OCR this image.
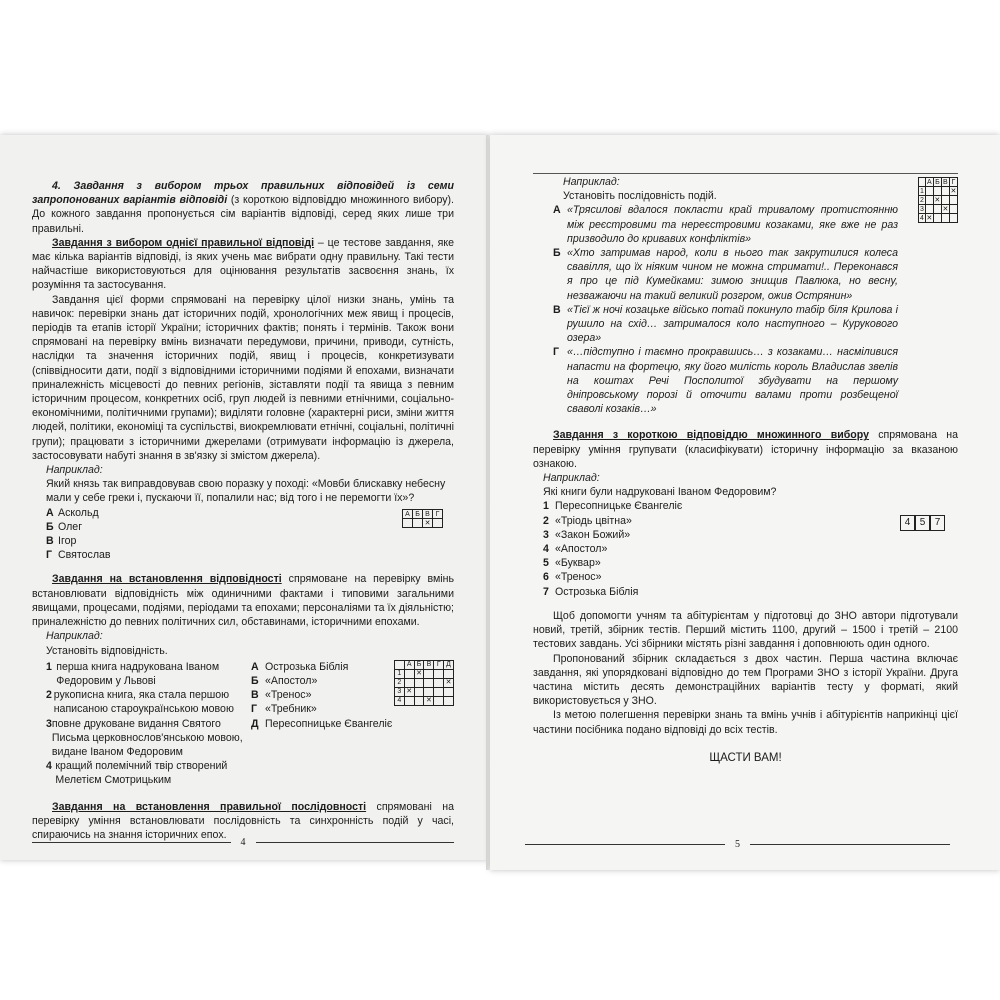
4. Завдання з вибором трьох правильних відповідей із семи запропонованих варіантів відповіді (з короткою відповіддю множинного вибору). До кожного завдання пропонується сім варіантів відповіді, серед яких лише три правильні.

Завдання з вибором однієї правильної відповіді – це тестове завдання, яке має кілька варіантів відповіді, із яких учень має вибрати одну правильну. Такі тести найчастіше використовуються для оцінювання результатів засвоєння знань, їх розуміння та застосування.

Завдання цієї форми спрямовані на перевірку цілої низки знань, умінь та навичок: перевірки знань дат історичних подій, хронологічних меж явищ і процесів, періодів та етапів історії України; історичних фактів; понять і термінів. Також вони спрямовані на перевірку вмінь визначати передумови, причини, приводи, сутність, наслідки та значення історичних подій, явищ і процесів, конкретизувати (співвідносити дати, події з відповідними історичними подіями й епохами, визначати приналежність місцевості до певних регіонів, зіставляти події та явища з певним історичним процесом, конкретних осіб, груп людей із певними етнічними, соціально-економічними, політичними групами); виділяти головне (характерні риси, зміни життя людей, політики, економіці та суспільстві, виокремлювати етнічні, соціальні, політичні групи); працювати з історичними джерелами (отримувати інформацію із джерела, застосовувати набуті знання в зв'язку зі змістом джерела).

Наприклад:

Який князь так виправдовував свою поразку у поході: «Мовби блискавку небесну мали у себе греки і, пускаючи її, попалили нас; від того і не перемогти їх»?

А Аскольд
Б Олег
В Ігор
Г Святослав
А	Б	В	Г
		✕	

Завдання на встановлення відповідності спрямоване на перевірку вмінь встановлювати відповідність між одиничними фактами і типовими загальними явищами, процесами, подіями, періодами та епохами; персоналіями та їх діяльністю; приналежністю до певних політичних сил, обставинами, історичними епохами.

Наприклад:

Установіть відповідність.

1 перша книга надрукована Іваном Федоровим у Львові
2 рукописна книга, яка стала першою написаною староукраїнською мовою
3 повне друковане видання Святого Письма церковнослов'янською мовою, видане Іваном Федоровим
4 кращий полемічний твір створений Мелетієм Смотрицьким
А Острозька Біблія
Б «Апостол»
В «Тренос»
Г «Требник»
Д Пересопницьке Євангеліє
	А	Б	В	Г	Д
1		✕			
2					✕
3	✕				
4			✕		

Завдання на встановлення правильної послідовності спрямовані на перевірку уміння встановлювати послідовність та синхронність подій у часі, спираючись на знання історичних епох.

4

Наприклад:

Установіть послідовність подій.

А «Трясилові вдалося покласти край тривалому протистоянню між реєстровими та нереєстровими козаками, яке вже не раз призводило до кривавих конфліктів»
Б «Хто затримав народ, коли в нього так закрутилися колеса свавілля, що їх ніяким чином не можна стримати!.. Переконався я про це під Кумейками: зимою знищив Павлюка, но весну, незважаючи на такий великий розгром, ожив Острянин»
В «Тієї ж ночі козацьке військо потай покинуло табір біля Крилова і рушило на схід… затрималося коло наступного – Курукового озера»
Г «…підступно і таємно прокравшись… з козаками… насміливися напасти на фортецю, яку його милість король Владислав звелів на коштах Речі Посполитої збудувати на першому дніпровському порозі й оточити валами проти розбещеної сваволі козаків…»
	А	Б	В	Г
1				✕
2		✕		
3			✕	
4	✕			

Завдання з короткою відповіддю множинного вибору спрямована на перевірку уміння групувати (класифікувати) історичну інформацію за вказаною ознакою.

Наприклад:

Які книги були надруковані Іваном Федоровим?

1 Пересопницьке Євангеліє
2 «Тріодь цвітна»
3 «Закон Божий»
4 «Апостол»
5 «Буквар»
6 «Тренос»
7 Острозька Біблія
4 5 7

Щоб допомогти учням та абітурієнтам у підготовці до ЗНО автори підготували новий, третій, збірник тестів. Перший містить 1100, другий – 1500 і третій – 2100 тестових завдань. Усі збірники містять різні завдання і доповнюють один одного.

Пропонований збірник складається з двох частин. Перша частина включає завдання, які упорядковані відповідно до тем Програми ЗНО з історії України. Друга частина містить десять демонстраційних варіантів тесту у форматі, який використовується у ЗНО.

Із метою полегшення перевірки знань та вмінь учнів і абітурієнтів наприкінці цієї частини посібника подано відповіді до всіх тестів.

ЩАСТИ ВАМ!

5
